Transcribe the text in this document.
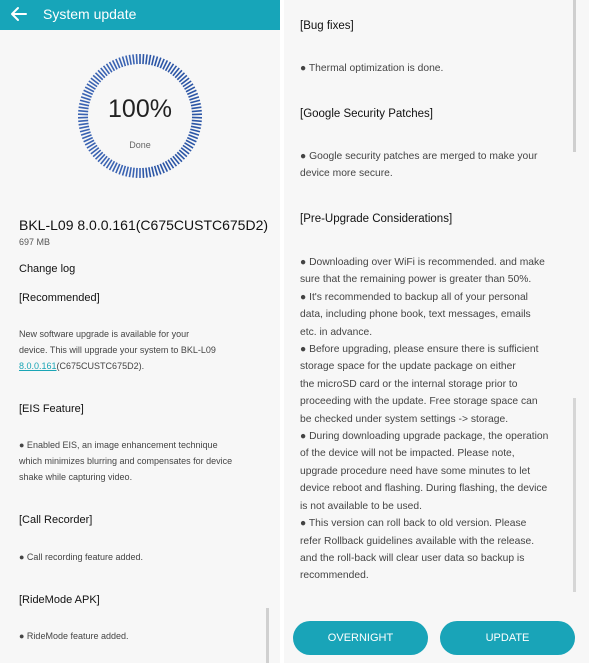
System update
100%
Done
BKL-L09 8.0.0.161(C675CUSTC675D2)
697 MB
Change log
[Recommended]
New software upgrade is available for your
device. This will upgrade your system to BKL-L09
8.0.0.161(C675CUSTC675D2).
[EIS Feature]
● Enabled EIS, an image enhancement technique
which minimizes blurring and compensates for device
shake while capturing video.
[Call Recorder]
● Call recording feature added.
[RideMode APK]
● RideMode feature added.
[Bug fixes]
● Thermal optimization is done.
[Google Security Patches]
● Google security patches are merged to make your
device more secure.
[Pre-Upgrade Considerations]
● Downloading over WiFi is recommended. and make
sure that the remaining power is greater than 50%.
● It's recommended to backup all of your personal
data, including phone book, text messages, emails
etc. in advance.
● Before upgrading, please ensure there is sufficient
storage space for the update package on either
the microSD card or the internal storage prior to
proceeding with the update. Free storage space can
be checked under system settings -> storage.
● During downloading upgrade package, the operation
of the device will not be impacted. Please note,
upgrade procedure need have some minutes to let
device reboot and flashing. During flashing, the device
is not available to be used.
● This version can roll back to old version. Please
refer Rollback guidelines available with the release.
and the roll-back will clear user data so backup is
recommended.
OVERNIGHT	UPDATE
